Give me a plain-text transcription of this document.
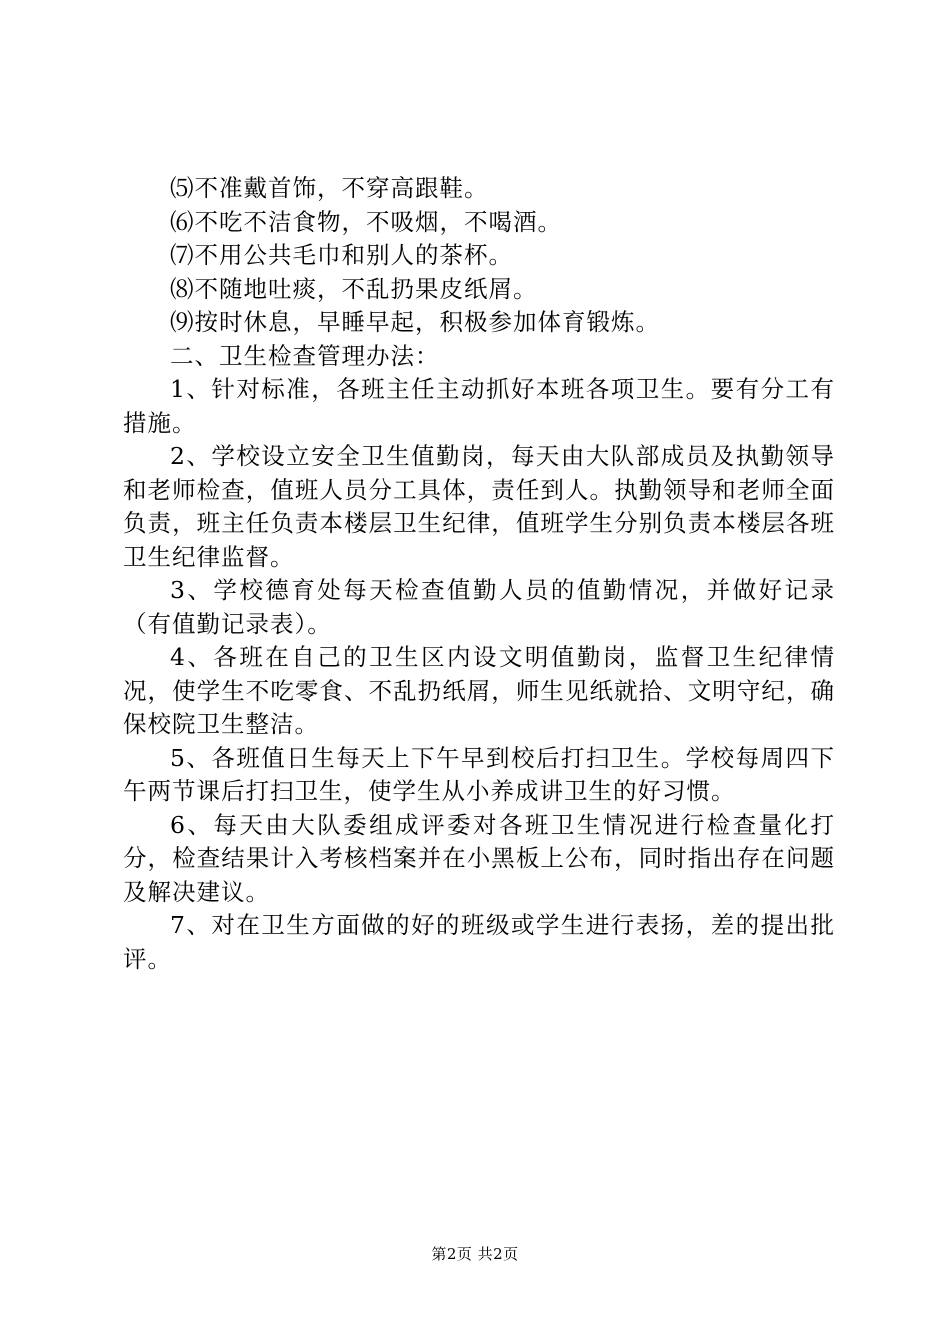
⑸不准戴首饰，不穿高跟鞋。

⑹不吃不洁食物，不吸烟，不喝酒。

⑺不用公共毛巾和别人的茶杯。

⑻不随地吐痰，不乱扔果皮纸屑。

⑼按时休息，早睡早起，积极参加体育锻炼。

二、卫生检查管理办法：

1、针对标准，各班主任主动抓好本班各项卫生。要有分工有措施。

2、学校设立安全卫生值勤岗，每天由大队部成员及执勤领导和老师检查，值班人员分工具体，责任到人。执勤领导和老师全面负责，班主任负责本楼层卫生纪律，值班学生分别负责本楼层各班卫生纪律监督。

3、学校德育处每天检查值勤人员的值勤情况，并做好记录（有值勤记录表）。

4、各班在自己的卫生区内设文明值勤岗，监督卫生纪律情况，使学生不吃零食、不乱扔纸屑，师生见纸就拾、文明守纪，确保校院卫生整洁。

5、各班值日生每天上下午早到校后打扫卫生。学校每周四下午两节课后打扫卫生，使学生从小养成讲卫生的好习惯。

6、每天由大队委组成评委对各班卫生情况进行检查量化打分，检查结果计入考核档案并在小黑板上公布，同时指出存在问题及解决建议。

7、对在卫生方面做的好的班级或学生进行表扬，差的提出批评。

第2页 共2页
